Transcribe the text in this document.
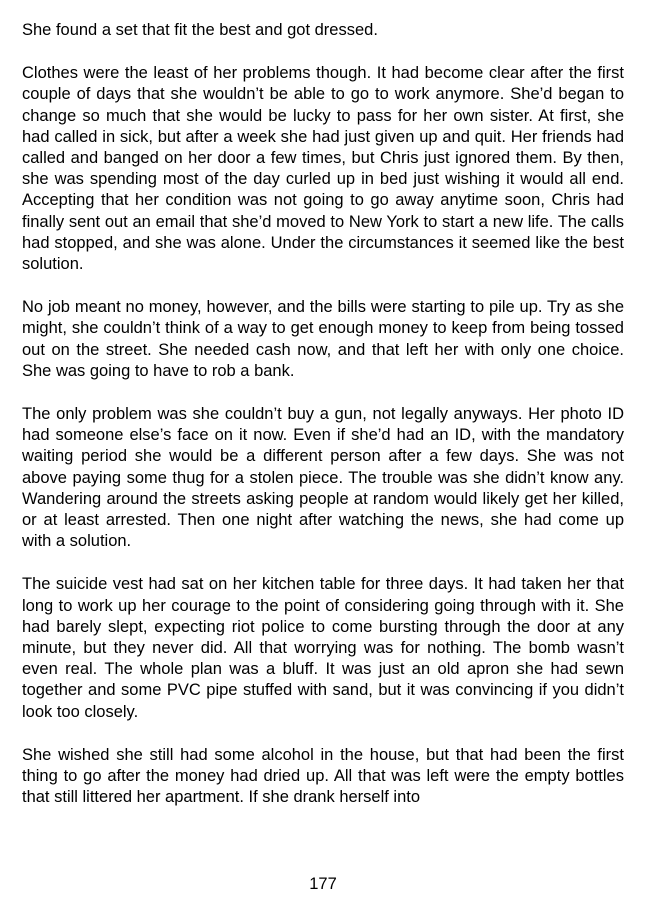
She found a set that fit the best and got dressed.

Clothes were the least of her problems though. It had become clear after the first couple of days that she wouldn’t be able to go to work anymore. She’d began to change so much that she would be lucky to pass for her own sister. At first, she had called in sick, but after a week she had just given up and quit. Her friends had called and banged on her door a few times, but Chris just ignored them. By then, she was spending most of the day curled up in bed just wishing it would all end. Accepting that her condition was not going to go away anytime soon, Chris had finally sent out an email that she’d moved to New York to start a new life. The calls had stopped, and she was alone. Under the circumstances it seemed like the best solution.

No job meant no money, however, and the bills were starting to pile up. Try as she might, she couldn’t think of a way to get enough money to keep from being tossed out on the street. She needed cash now, and that left her with only one choice. She was going to have to rob a bank.

The only problem was she couldn’t buy a gun, not legally anyways. Her photo ID had someone else’s face on it now. Even if she’d had an ID, with the mandatory waiting period she would be a different person after a few days. She was not above paying some thug for a stolen piece. The trouble was she didn’t know any. Wandering around the streets asking people at random would likely get her killed, or at least arrested. Then one night after watching the news, she had come up with a solution.

The suicide vest had sat on her kitchen table for three days. It had taken her that long to work up her courage to the point of considering going through with it. She had barely slept, expecting riot police to come bursting through the door at any minute, but they never did. All that worrying was for nothing. The bomb wasn’t even real. The whole plan was a bluff. It was just an old apron she had sewn together and some PVC pipe stuffed with sand, but it was convincing if you didn’t look too closely.

She wished she still had some alcohol in the house, but that had been the first thing to go after the money had dried up. All that was left were the empty bottles that still littered her apartment. If she drank herself into

177
